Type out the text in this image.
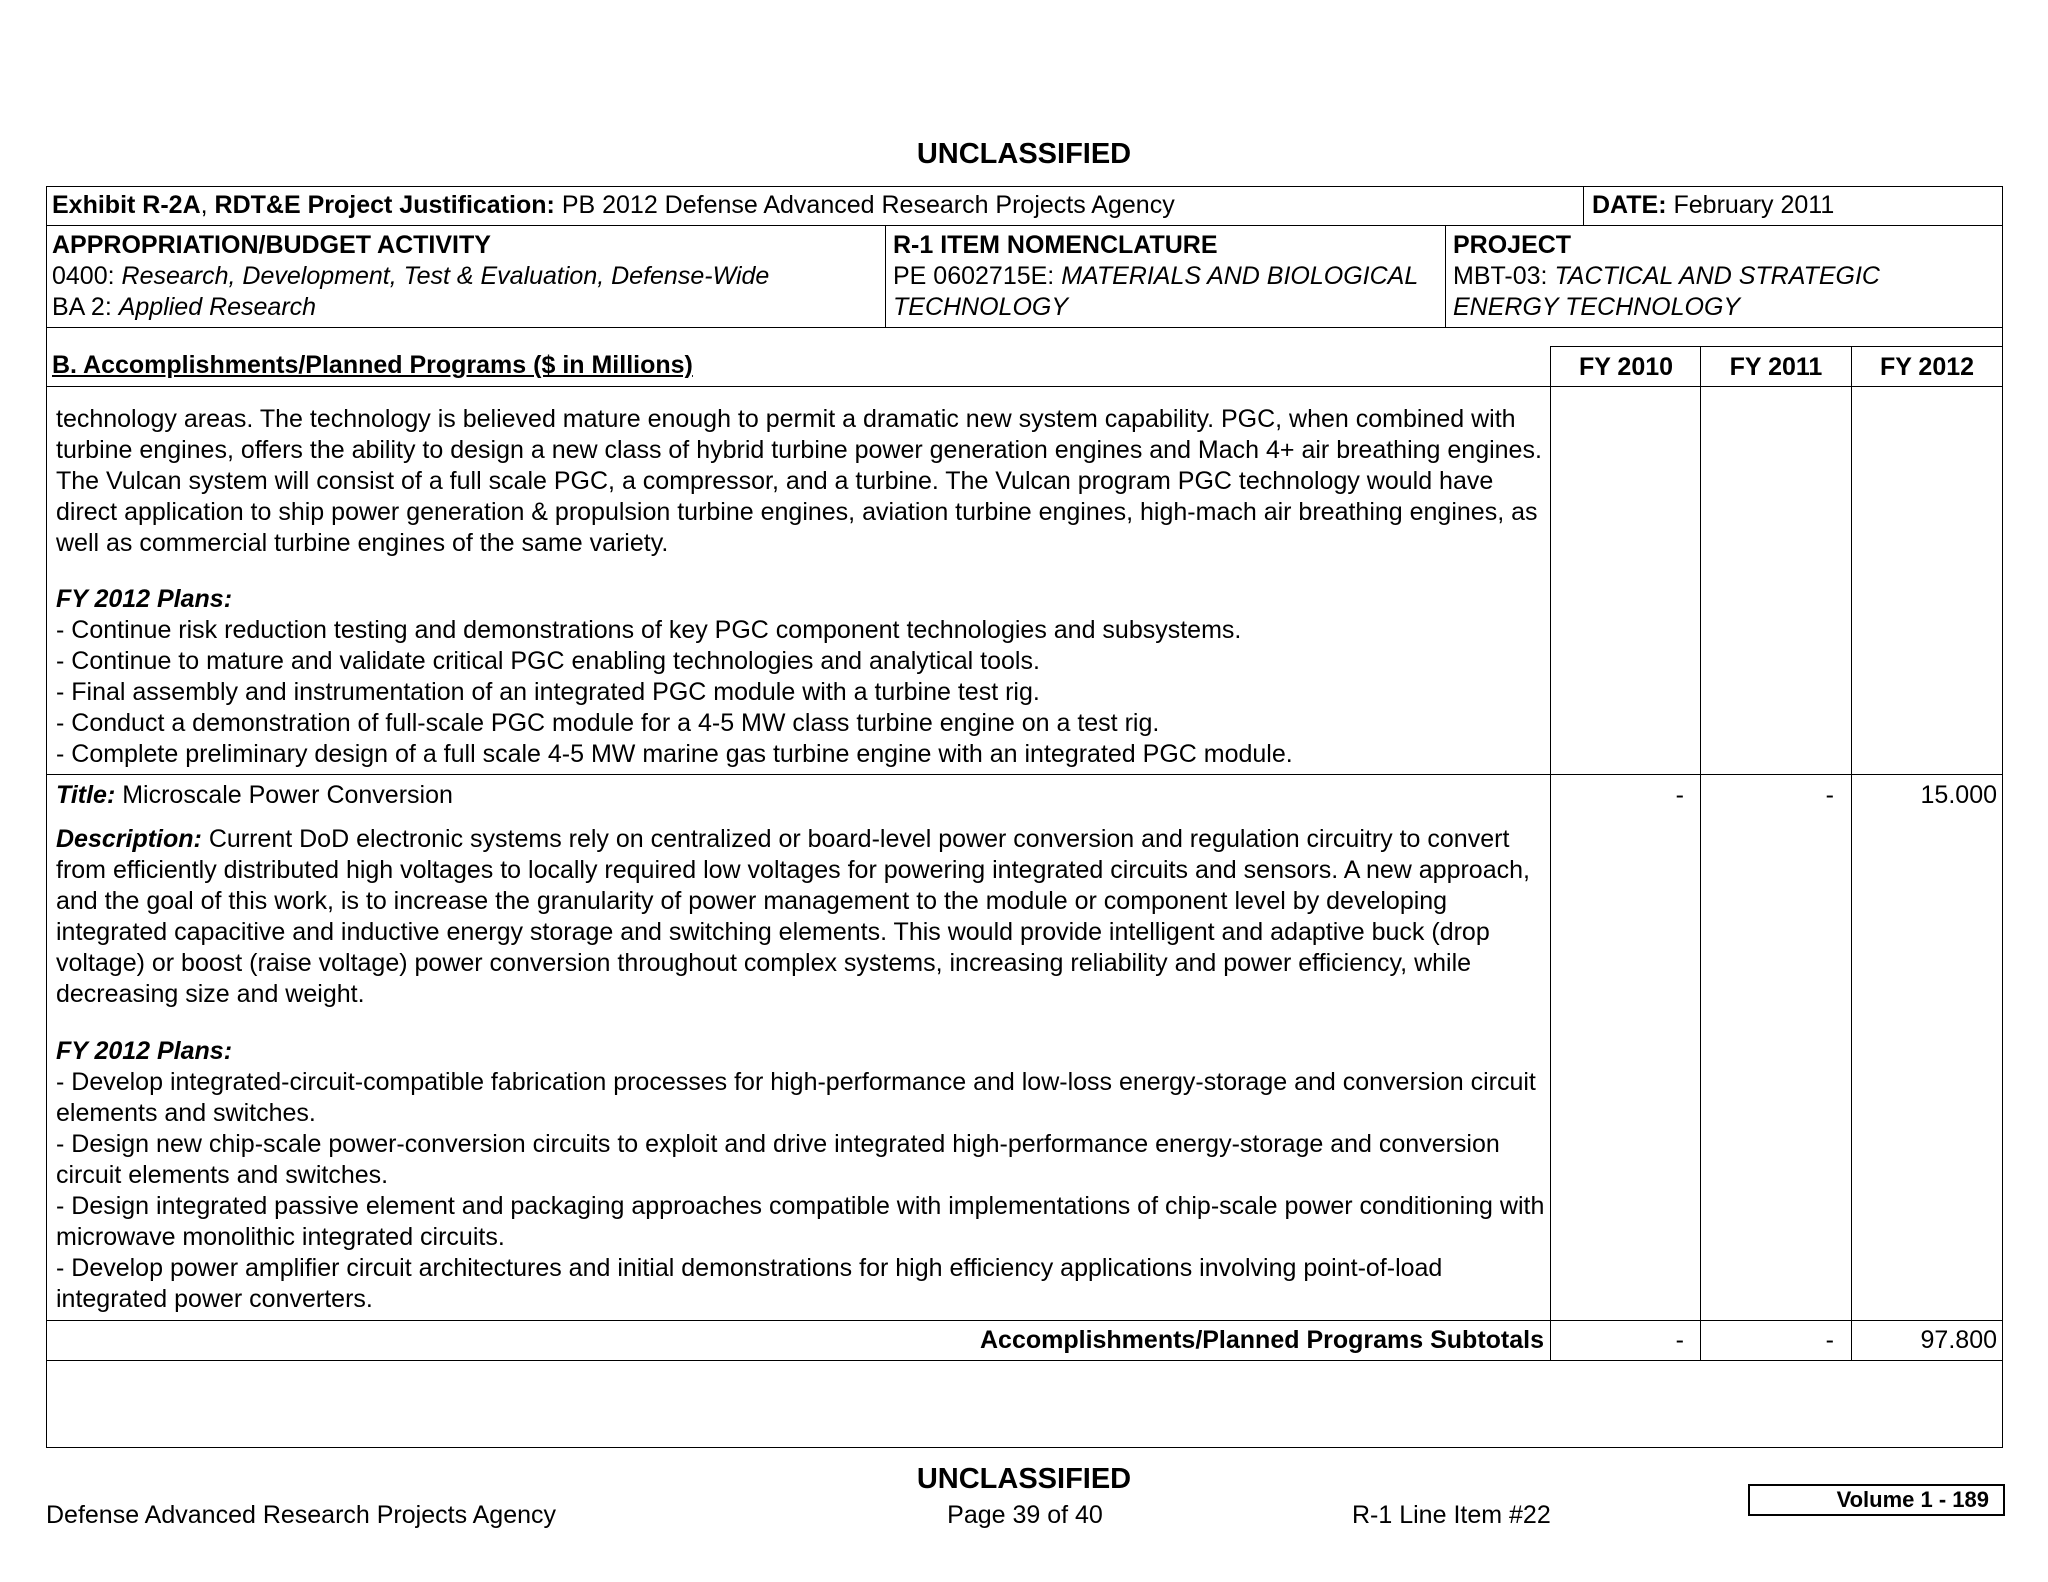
UNCLASSIFIED
Exhibit R-2A, RDT&E Project Justification: PB 2012 Defense Advanced Research Projects Agency	DATE: February 2011
APPROPRIATION/BUDGET ACTIVITY
0400: Research, Development, Test & Evaluation, Defense-Wide
BA 2: Applied Research
R-1 ITEM NOMENCLATURE
PE 0602715E: MATERIALS AND BIOLOGICAL
TECHNOLOGY
PROJECT
MBT-03: TACTICAL AND STRATEGIC
ENERGY TECHNOLOGY
B. Accomplishments/Planned Programs ($ in Millions)	FY 2010	FY 2011	FY 2012
technology areas. The technology is believed mature enough to permit a dramatic new system capability. PGC, when combined with turbine engines, offers the ability to design a new class of hybrid turbine power generation engines and Mach 4+ air breathing engines. The Vulcan system will consist of a full scale PGC, a compressor, and a turbine. The Vulcan program PGC technology would have direct application to ship power generation & propulsion turbine engines, aviation turbine engines, high-mach air breathing engines, as well as commercial turbine engines of the same variety.
FY 2012 Plans:
- Continue risk reduction testing and demonstrations of key PGC component technologies and subsystems.
- Continue to mature and validate critical PGC enabling technologies and analytical tools.
- Final assembly and instrumentation of an integrated PGC module with a turbine test rig.
- Conduct a demonstration of full-scale PGC module for a 4-5 MW class turbine engine on a test rig.
- Complete preliminary design of a full scale 4-5 MW marine gas turbine engine with an integrated PGC module.
Title: Microscale Power Conversion	-	-	15.000
Description: Current DoD electronic systems rely on centralized or board-level power conversion and regulation circuitry to convert from efficiently distributed high voltages to locally required low voltages for powering integrated circuits and sensors. A new approach, and the goal of this work, is to increase the granularity of power management to the module or component level by developing integrated capacitive and inductive energy storage and switching elements. This would provide intelligent and adaptive buck (drop voltage) or boost (raise voltage) power conversion throughout complex systems, increasing reliability and power efficiency, while decreasing size and weight.
FY 2012 Plans:
- Develop integrated-circuit-compatible fabrication processes for high-performance and low-loss energy-storage and conversion circuit elements and switches.
- Design new chip-scale power-conversion circuits to exploit and drive integrated high-performance energy-storage and conversion circuit elements and switches.
- Design integrated passive element and packaging approaches compatible with implementations of chip-scale power conditioning with microwave monolithic integrated circuits.
- Develop power amplifier circuit architectures and initial demonstrations for high efficiency applications involving point-of-load integrated power converters.
Accomplishments/Planned Programs Subtotals	-	-	97.800
UNCLASSIFIED
Defense Advanced Research Projects Agency	Page 39 of 40	R-1 Line Item #22
Volume 1 - 189
